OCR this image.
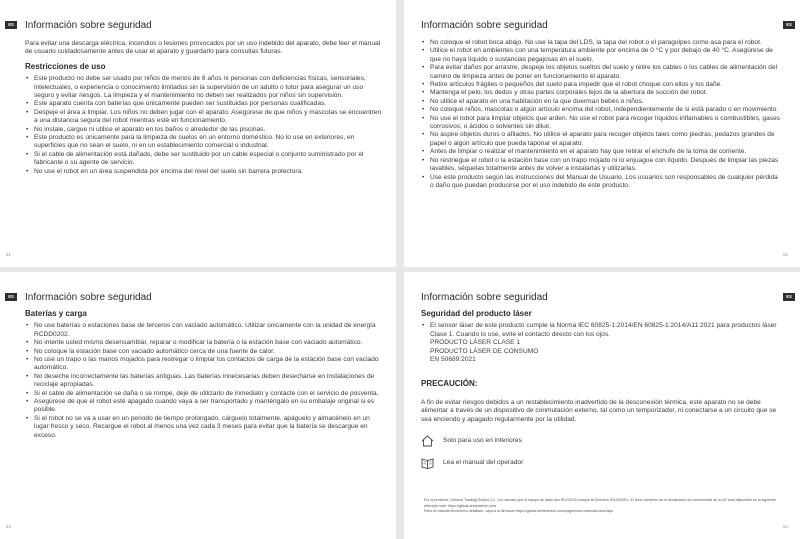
ES	Información sobre seguridad

Para evitar una descarga eléctrica, incendios o lesiones provocados por un uso indebido del aparato, debe leer el manual de usuario cuidadosamente antes de usar el aparato y guardarlo para consultas futuras.

Restricciones de uso
• Este producto no debe ser usado por niños de menos de 8 años ni personas con deficiencias físicas, sensoriales, intelectuales, o experiencia o conocimiento limitados sin la supervisión de un adulto o tutor para asegurar un uso seguro y evitar riesgos. La limpieza y el mantenimiento no deben ser realizados por niños sin supervisión.
• Este aparato cuenta con baterías que únicamente pueden ser sustituidas por personas cualificadas.
• Despeje el área a limpiar. Los niños no deben jugar con el aparato. Asegúrese de que niños y mascotas se encuentren a una distancia segura del robot mientras esté en funcionamiento.
• No instale, cargue ni utilice el aparato en los baños o alrededor de las piscinas.
• Este producto es únicamente para la limpieza de suelos en un entorno doméstico. No lo use en exteriores, en superficies que no sean el suelo, ni en un establecimiento comercial o industrial.
• Si el cable de alimentación está dañado, debe ser sustituido por un cable especial o conjunto suministrado por el fabricante o su agente de servicio.
• No use el robot en un área suspendida por encima del nivel del suelo sin barrera protectora.
61
ES
Información sobre seguridad
• No coloque el robot boca abajo. No use la tapa del LDS, la tapa del robot o el paragolpes como asa para el robot.
• Utilice el robot en ambientes con una temperatura ambiente por encima de 0 °C y por debajo de 40 °C. Asegúrese de que no haya líquido o sustancias pegajosas en el suelo.
• Para evitar daños por arrastre, despeje los objetos sueltos del suelo y retire los cables o los cables de alimentación del camino de limpieza antes de poner en funcionamiento el aparato.
• Retire artículos frágiles o pequeños del suelo para impedir que el robot choque con ellos y los dañe.
• Mantenga el pelo, los dedos y otras partes corporales lejos de la abertura de succión del robot.
• No utilice el aparato en una habitación en la que duerman bebés o niños.
• No coloque niños, mascotas o algún artículo encima del robot, independientemente de si está parado o en movimiento.
• No use el robot para limpiar objetos que arden. No use el robot para recoger líquidos inflamables o combustibles, gases corrosivos, o ácidos o solventes sin diluir.
• No aspire objetos duros o afilados. No utilice el aparato para recoger objetos tales como piedras, pedazos grandes de papel o algún artículo que pueda taponar el aparato.
• Antes de limpiar o realizar el mantenimiento en el aparato hay que retirar el enchufe de la toma de corriente.
• No restriegue el robot o la estación base con un trapo mojado ni lo enjuague con líquido. Después de limpiar las piezas lavables, séquelas totalmente antes de volver a instalarlas y utilizarlas.
• Use este producto según las instrucciones del Manual de Usuario. Los usuarios son responsables de cualquier pérdida o daño que puedan producirse por el uso indebido de este producto.
62
ES	Información sobre seguridad
Baterías y carga
• No use baterías o estaciones base de terceros con vaciado automático. Utilizar únicamente con la unidad de energía RCDD0202.
• No intente usted mismo desensamblar, reparar o modificar la batería o la estación base con vaciado automático.
• No coloque la estación base con vaciado automático cerca de una fuente de calor.
• No use un trapo o las manos mojados para restregar o limpiar los contactos de carga de la estación base con vaciado automático.
• No deseche incorrectamente las baterías antiguas. Las baterías innecesarias deben desecharse en instalaciones de reciclaje apropiadas.
• Si el cable de alimentación se daña o se rompe, deje de utilizarlo de inmediato y contacte con el servicio de posventa.
• Asegúrese de que el robot esté apagado cuando vaya a ser transportado y manténgalo en su embalaje original si es posible.
• Si el robot no se va a usar en un periodo de tiempo prolongado, cárguelo totalmente, apáguelo y almacénelo en un lugar fresco y seco. Recargue el robot al menos una vez cada 3 meses para evitar que la batería se descargue en exceso.
63
ES
Información sobre seguridad
Seguridad del producto láser
• El sensor láser de este producto cumple la Norma IEC 60825-1:2014/EN 60825-1:2014/A11:2021 para productos láser Clase 1. Cuando lo use, evite el contacto directo con los ojos.
PRODUCTO LÁSER CLASE 1
PRODUCTO LÁSER DE CONSUMO
EN 50689:2021
PRECAUCIÓN:

A fin de evitar riesgos debidos a un restablecimiento inadvertido de la desconexión térmica, este aparato no se debe alimentar a través de un dispositivo de conmutación externo, tal como un temporizador, ni conectarse a un circuito que se sea enciendo y apagado regularmente por la utilidad.

Solo para uso en interiores
Lea el manual del operador
Por la presente, Dreame Trading(Tianjin) Co., Ltd. declara que el equipo de radio tipo RLD32GD cumple la Directiva 2014/53/EU. El texto completo de la declaración de conformidad de la UE está disponible en la siguiente dirección web: https://global.dreametech.com
Para un manual electrónico detallado, vaya a la dirección https://global.dreametech.com/pages/user-manuals-and-faqs
64
